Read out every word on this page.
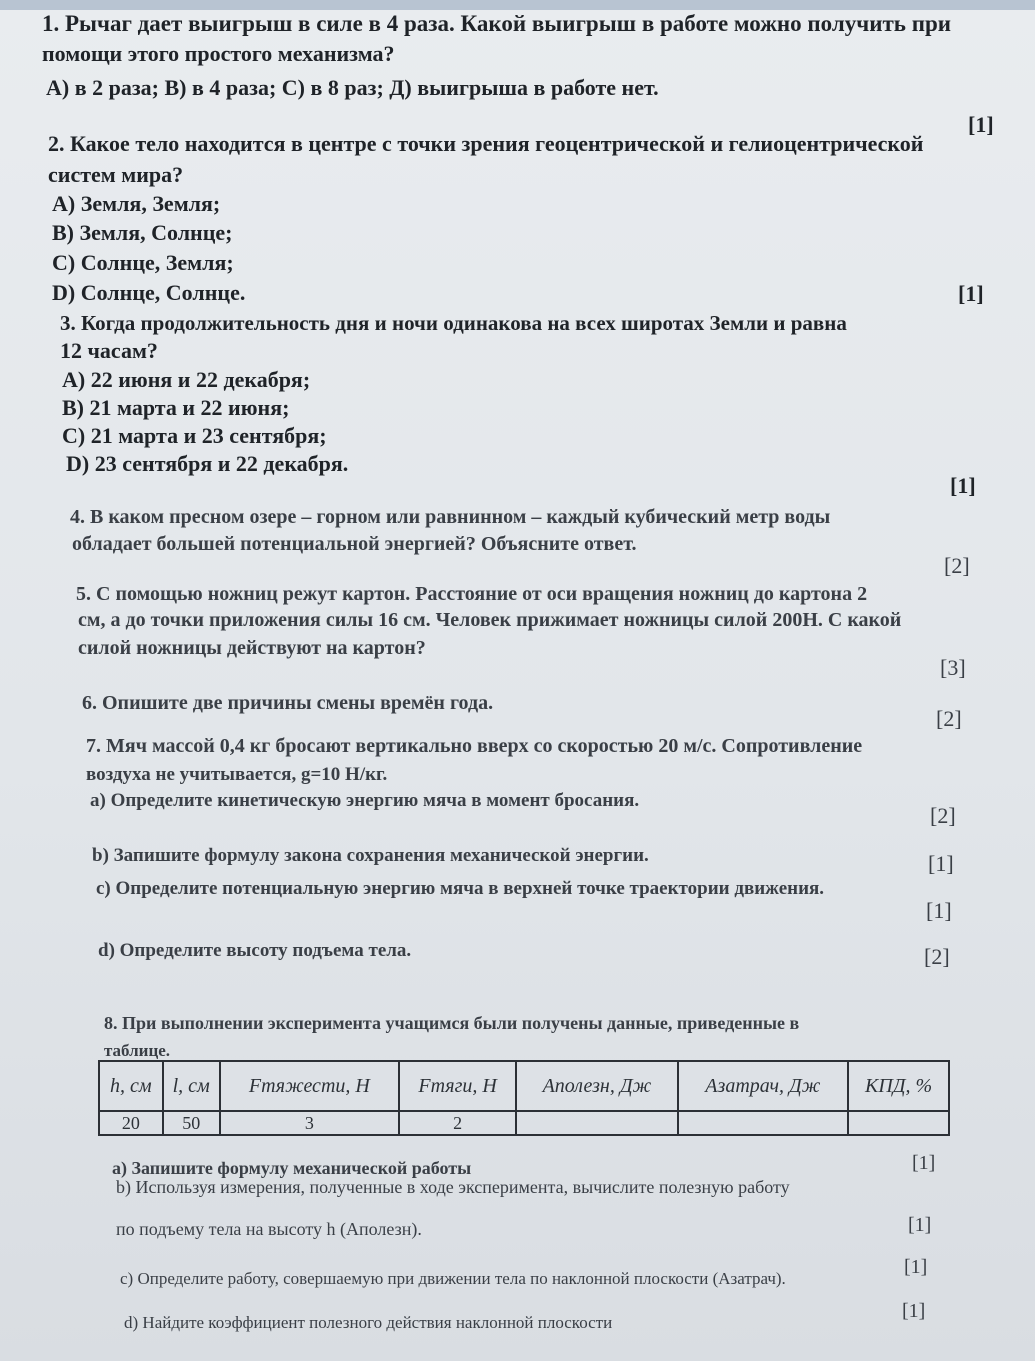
1. Рычаг дает выигрыш в силе в 4 раза. Какой выигрыш в работе можно получить при
помощи этого простого механизма?
А) в 2 раза; В) в 4 раза; С) в 8 раз; Д) выигрыша в работе нет.
[1]
2. Какое тело находится в центре с точки зрения геоцентрической и гелиоцентрической
систем мира?
А) Земля, Земля;
В) Земля, Солнце;
С) Солнце, Земля;
D) Солнце, Солнце.	[1]
3. Когда продолжительность дня и ночи одинакова на всех широтах Земли и равна
12 часам?
А) 22 июня и 22 декабря;
В) 21 марта и 22 июня;
С) 21 марта и 23 сентября;
D) 23 сентября и 22 декабря.
[1]
4. В каком пресном озере – горном или равнинном – каждый кубический метр воды
обладает большей потенциальной энергией? Объясните ответ.
[2]
5. С помощью ножниц режут картон. Расстояние от оси вращения ножниц до картона 2
см, а до точки приложения силы 16 см. Человек прижимает ножницы силой 200Н. С какой
силой ножницы действуют на картон?
[3]
6. Опишите две причины смены времён года.
[2]
7. Мяч массой 0,4 кг бросают вертикально вверх со скоростью 20 м/с. Сопротивление
воздуха не учитывается, g=10 Н/кг.
a) Определите кинетическую энергию мяча в момент бросания.
[2]
b) Запишите формулу закона сохранения механической энергии.	[1]
c) Определите потенциальную энергию мяча в верхней точке траектории движения.
[1]
d) Определите высоту подъема тела.	[2]
8. При выполнении эксперимента учащимся были получены данные, приведенные в
таблице.
h, см	l, см	Fтяжести, Н	Fтяги, Н	Aполезн, Дж	Aзатрач, Дж	КПД, %
20	50	3	2			
a) Запишите формулу механической работы	[1]
b) Используя измерения, полученные в ходе эксперимента, вычислите полезную работу
по подъему тела на высоту h (Aполезн).	[1]
c) Определите работу, совершаемую при движении тела по наклонной плоскости (Aзатрач).
[1]
d) Найдите коэффициент полезного действия наклонной плоскости
[1]
